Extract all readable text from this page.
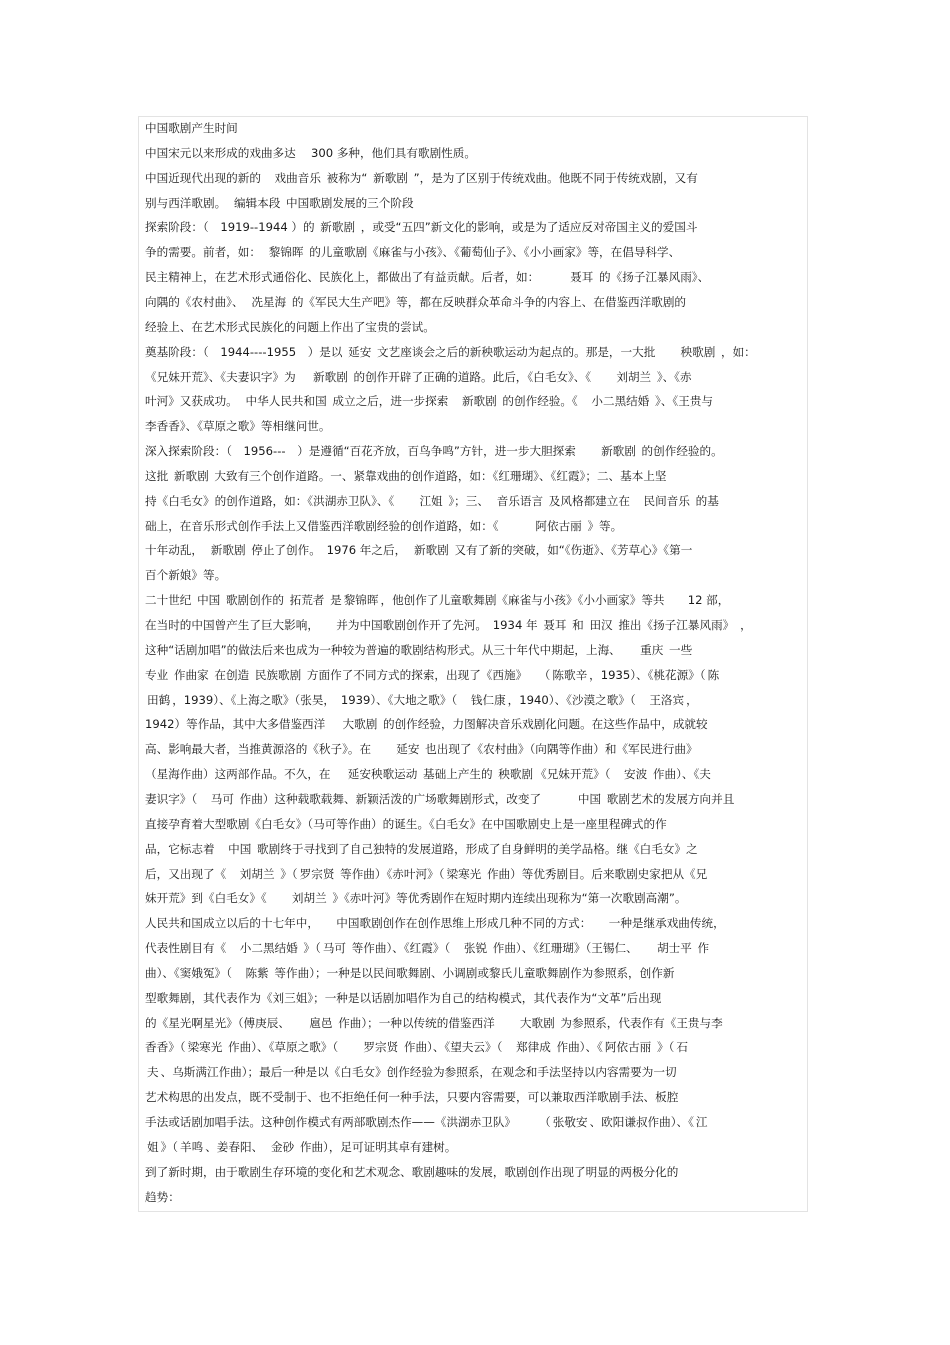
中国歌剧产生时间
中国宋元以来形成的戏曲多达　 300 多种，他们具有歌剧性质。
中国近现代出现的新的　戏曲音乐 被称为“ 新歌剧 ”，是为了区别于传统戏曲。他既不同于传统戏剧，又有
别与西洋歌剧。　编辑本段 中国歌剧发展的三个阶段
探索阶段：（　1919--1944 ）的 新歌剧 ，或受“五四”新文化的影响，或是为了适应反对帝国主义的爱国斗
争的需要。前者，如：　黎锦晖 的儿童歌剧《麻雀与小孩》、《葡萄仙子》、《小小画家》等，在倡导科学、
民主精神上，在艺术形式通俗化、民族化上，都做出了有益贡献。后者，如：　　　聂耳 的《扬子江暴风雨》、
向隅的《农村曲》、　冼星海 的《军民大生产吧》等，都在反映群众革命斗争的内容上、在借鉴西洋歌剧的
经验上、在艺术形式民族化的问题上作出了宝贵的尝试。
奠基阶段：（　1944----1955　）是以 延安 文艺座谈会之后的新秧歌运动为起点的。那是，一大批　　秧歌剧 ，如：
《兄妹开荒》、《夫妻识字》为　 新歌剧 的创作开辟了正确的道路。此后，《白毛女》、《　　刘胡兰 》、《赤
叶河》又获成功。　中华人民共和国 成立之后，进一步探索　新歌剧 的创作经验。《　小二黑结婚 》、《王贵与
李香香》、《草原之歌》等相继问世。
深入探索阶段：（　1956---　）是遵循“百花齐放，百鸟争鸣”方针，进一步大胆探索　　新歌剧 的创作经验的。
这批 新歌剧 大致有三个创作道路。一、紧靠戏曲的创作道路，如：《红珊瑚》、《红霞》；二、基本上坚
持《白毛女》的创作道路，如：《洪湖赤卫队》、《　　江姐 》；三、　音乐语言 及风格都建立在　民间音乐 的基
础上，在音乐形式创作手法上又借鉴西洋歌剧经验的创作道路，如：《　　　阿依古丽 》等。
十年动乱，　新歌剧 停止了创作。　1976 年之后，　新歌剧 又有了新的突破，如“《伤逝》、《芳草心》《第一
百个新娘》等。
二十世纪 中国 歌剧创作的 拓荒者 是 黎锦晖 ，他创作了儿童歌舞剧《麻雀与小孩》《小小画家》等共　　12 部，
在当时的中国曾产生了巨大影响，　　并为中国歌剧创作开了先河。　1934 年 聂耳 和 田汉 推出《扬子江暴风雨》　，
这种“话剧加唱”的做法后来也成为一种较为普遍的歌剧结构形式。从三十年代中期起，上海、　　重庆 一些
专业 作曲家 在创造 民族歌剧 方面作了不同方式的探索，出现了《西施》　　（ 陈歌辛 ，1935）、《桃花源》（ 陈
田鹤 ，1939）、《上海之歌》（张昊，　1939）、《大地之歌》（　钱仁康 ，1940）、《沙漠之歌》（　王洛宾 ，
1942）等作品，其中大多借鉴西洋　 大歌剧 的创作经验，力图解决音乐戏剧化问题。在这些作品中，成就较
高、影响最大者，当推黄源洛的《秋子》。在　　延安 也出现了《农村曲》（向隅等作曲）和《军民进行曲》
（星海作曲）这两部作品。不久，在　 延安秧歌运动 基础上产生的 秧歌剧 《兄妹开荒》（　安波 作曲）、《夫
妻识字》（　马可 作曲）这种载歌载舞、新颖活泼的广场歌舞剧形式，改变了　　　中国 歌剧艺术的发展方向并且
直接孕育着大型歌剧《白毛女》（马可等作曲）的诞生。《白毛女》在中国歌剧史上是一座里程碑式的作
品，它标志着　中国 歌剧终于寻找到了自己独特的发展道路，形成了自身鲜明的美学品格。继《白毛女》之
后，又出现了《　刘胡兰 》（ 罗宗贤 等作曲）《赤叶河》（ 梁寒光 作曲）等优秀剧目。后来歌剧史家把从《兄
妹开荒》到《白毛女》《　　刘胡兰 》《赤叶河》等优秀剧作在短时期内连续出现称为“第一次歌剧高潮”。
人民共和国成立以后的十七年中，　　中国歌剧创作在创作思维上形成几种不同的方式：　　一种是继承戏曲传统，
代表性剧目有《　小二黑结婚 》（ 马可 等作曲）、《红霞》（　张锐 作曲）、《红珊瑚》（王锡仁、　　胡士平 作
曲）、《窦娥冤》（　陈紫 等作曲）；一种是以民间歌舞剧、小调剧或黎氏儿童歌舞剧作为参照系，创作新
型歌舞剧，其代表作为《刘三姐》；一种是以话剧加唱作为自己的结构模式，其代表作为“文革”后出现
的《星光啊星光》（傅庚辰、　　扈邑 作曲）；一种以传统的借鉴西洋　　大歌剧 为参照系，代表作有《王贵与李
香香》（ 梁寒光 作曲）、《草原之歌》（　　罗宗贤 作曲）、《望夫云》（　郑律成 作曲）、《 阿依古丽 》（ 石
夫 、乌斯满江作曲）；最后一种是以《白毛女》创作经验为参照系，在观念和手法坚持以内容需要为一切
艺术构思的出发点，既不受制于、也不拒绝任何一种手法，只要内容需要，可以兼取西洋歌剧手法、板腔
手法或话剧加唱手法。这种创作模式有两部歌剧杰作——《洪湖赤卫队》　　　（ 张敬安 、欧阳谦叔作曲）、《 江
姐 》（ 羊鸣 、姜春阳、　金砂 作曲），足可证明其卓有建树。
到了新时期，由于歌剧生存环境的变化和艺术观念、歌剧趣味的发展，歌剧创作出现了明显的两极分化的
趋势：
